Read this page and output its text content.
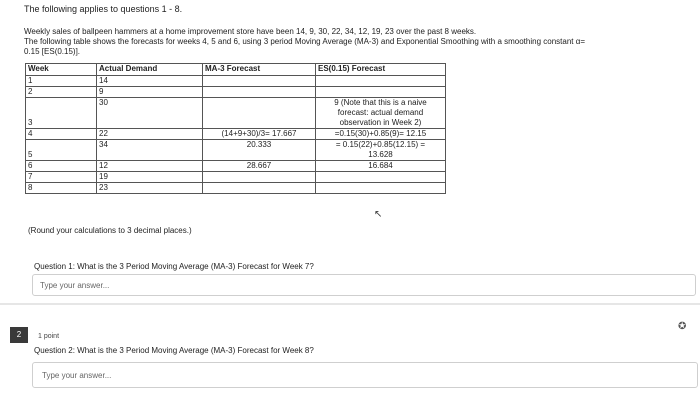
The following applies to questions 1 - 8.
Weekly sales of ballpeen hammers at a home improvement store have been 14, 9, 30, 22, 34, 12, 19, 23 over the past 8 weeks.
The following table shows the forecasts for weeks 4, 5 and 6, using 3 period Moving Average (MA-3) and Exponential Smoothing with a smoothing constant α=
0.15 [ES(0.15)].
Week	Actual Demand	MA-3 Forecast	ES(0.15) Forecast
1	14		
2	9		
3	30		9 (Note that this is a naive
forecast: actual demand
observation in Week 2)

4	22	(14+9+30)/3= 17.667	=0.15(30)+0.85(9)= 12.15

5	34	20.333	= 0.15(22)+0.85(12.15) =
13.628

6	12	28.667	16.684

7	19		
8	23		
↖
(Round your calculations to 3 decimal places.)
Question 1: What is the 3 Period Moving Average (MA-3) Forecast for Week 7?
Type your answer...
2	1 point
✪
Question 2: What is the 3 Period Moving Average (MA-3) Forecast for Week 8?
Type your answer...
